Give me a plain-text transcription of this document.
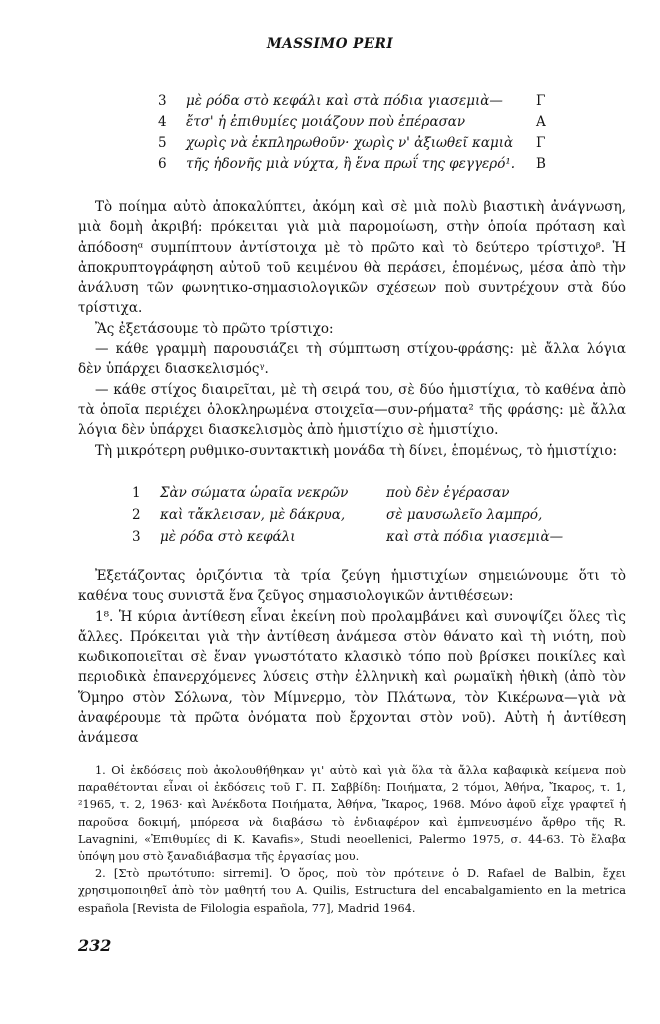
MASSIMO PERI
3	μὲ ρόδα στὸ κεφάλι καὶ στὰ πόδια γιασεμιὰ—	Γ
4	ἔτσ' ἡ ἐπιθυμίες μοιάζουν ποὺ ἐπέρασαν	Α
5	χωρὶς νὰ ἐκπληρωθοῦν· χωρὶς ν' ἀξιωθεῖ καμιὰ	Γ
6	τῆς ἡδονῆς μιὰ νύχτα, ἢ ἕνα πρωΐ της φεγγερό¹.	Β

Τὸ ποίημα αὐτὸ ἀποκαλύπτει, ἀκόμη καὶ σὲ μιὰ πολὺ βιαστικὴ ἀνάγνωση, μιὰ δομὴ ἀκριβή: πρόκειται γιὰ μιὰ παρομοίωση, στὴν ὁποία πρόταση καὶ ἀπόδοσηᵅ συμπίπτουν ἀντίστοιχα μὲ τὸ πρῶτο καὶ τὸ δεύτερο τρίστιχοᵝ. Ἡ ἀποκρυπτογράφηση αὐτοῦ τοῦ κειμένου θὰ περάσει, ἑπομένως, μέσα ἀπὸ τὴν ἀνάλυση τῶν φωνητικο-σημασιολογικῶν σχέσεων ποὺ συντρέχουν στὰ δύο τρίστιχα.

Ἂς ἐξετάσουμε τὸ πρῶτο τρίστιχο:

— κάθε γραμμὴ παρουσιάζει τὴ σύμπτωση στίχου-φράσης: μὲ ἄλλα λόγια δὲν ὑπάρχει διασκελισμόςᵞ.

— κάθε στίχος διαιρεῖται, μὲ τὴ σειρά του, σὲ δύο ἡμιστίχια, τὸ καθένα ἀπὸ τὰ ὁποῖα περιέχει ὁλοκληρωμένα στοιχεῖα—συν-ρήματα² τῆς φράσης: μὲ ἄλλα λόγια δὲν ὑπάρχει διασκελισμὸς ἀπὸ ἡμιστίχιο σὲ ἡμιστίχιο.

Τὴ μικρότερη ρυθμικο-συντακτικὴ μονάδα τὴ δίνει, ἑπομένως, τὸ ἡμιστίχιο:

1	Σὰν σώματα ὡραῖα νεκρῶν	ποὺ δὲν ἐγέρασαν
2	καὶ τἄκλεισαν, μὲ δάκρυα,	σὲ μαυσωλεῖο λαμπρό,
3	μὲ ρόδα στὸ κεφάλι	καὶ στὰ πόδια γιασεμιὰ—

Ἐξετάζοντας ὁριζόντια τὰ τρία ζεύγη ἡμιστιχίων σημειώνουμε ὅτι τὸ καθένα τους συνιστᾶ ἕνα ζεῦγος σημασιολογικῶν ἀντιθέσεων:

1⁸. Ἡ κύρια ἀντίθεση εἶναι ἐκείνη ποὺ προλαμβάνει καὶ συνοψίζει ὅλες τὶς ἄλλες. Πρόκειται γιὰ τὴν ἀντίθεση ἀνάμεσα στὸν θάνατο καὶ τὴ νιότη, ποὺ κωδικοποιεῖται σὲ ἕναν γνωστότατο κλασικὸ τόπο ποὺ βρίσκει ποικίλες καὶ περιοδικὰ ἐπανερχόμενες λύσεις στὴν ἑλληνικὴ καὶ ρωμαϊκὴ ἠθικὴ (ἀπὸ τὸν Ὅμηρο στὸν Σόλωνα, τὸν Μίμνερμο, τὸν Πλάτωνα, τὸν Κικέρωνα—γιὰ νὰ ἀναφέρουμε τὰ πρῶτα ὀνόματα ποὺ ἔρχονται στὸν νοῦ). Αὐτὴ ἡ ἀντίθεση ἀνάμεσα

1. Οἱ ἐκδόσεις ποὺ ἀκολουθήθηκαν γι' αὐτὸ καὶ γιὰ ὅλα τὰ ἄλλα καβαφικὰ κείμενα ποὺ παραθέτονται εἶναι οἱ ἐκδόσεις τοῦ Γ. Π. Σαββίδη: Ποιήματα, 2 τόμοι, Ἀθήνα, Ἴκαρος, τ. 1, ²1965, τ. 2, 1963· καὶ Ἀνέκδοτα Ποιήματα, Ἀθήνα, Ἴκαρος, 1968. Μόνο ἀφοῦ εἶχε γραφτεῖ ἡ παροῦσα δοκιμή, μπόρεσα νὰ διαβάσω τὸ ἐνδιαφέρον καὶ ἐμπνευσμένο ἄρθρο τῆς R. Lavagnini, «Ἐπιθυμίες di K. Kavafis», Studi neoellenici, Palermo 1975, σ. 44-63. Τὸ ἔλαβα ὑπόψη μου στὸ ξαναδιάβασμα τῆς ἐργασίας μου.

2. [Στὸ πρωτότυπο: sirremi]. Ὁ ὅρος, ποὺ τὸν πρότεινε ὁ D. Rafael de Balbin, ἔχει χρησιμοποιηθεῖ ἀπὸ τὸν μαθητή του A. Quilis, Estructura del encabalgamiento en la metrica española [Revista de Filologia española, 77], Madrid 1964.

232
